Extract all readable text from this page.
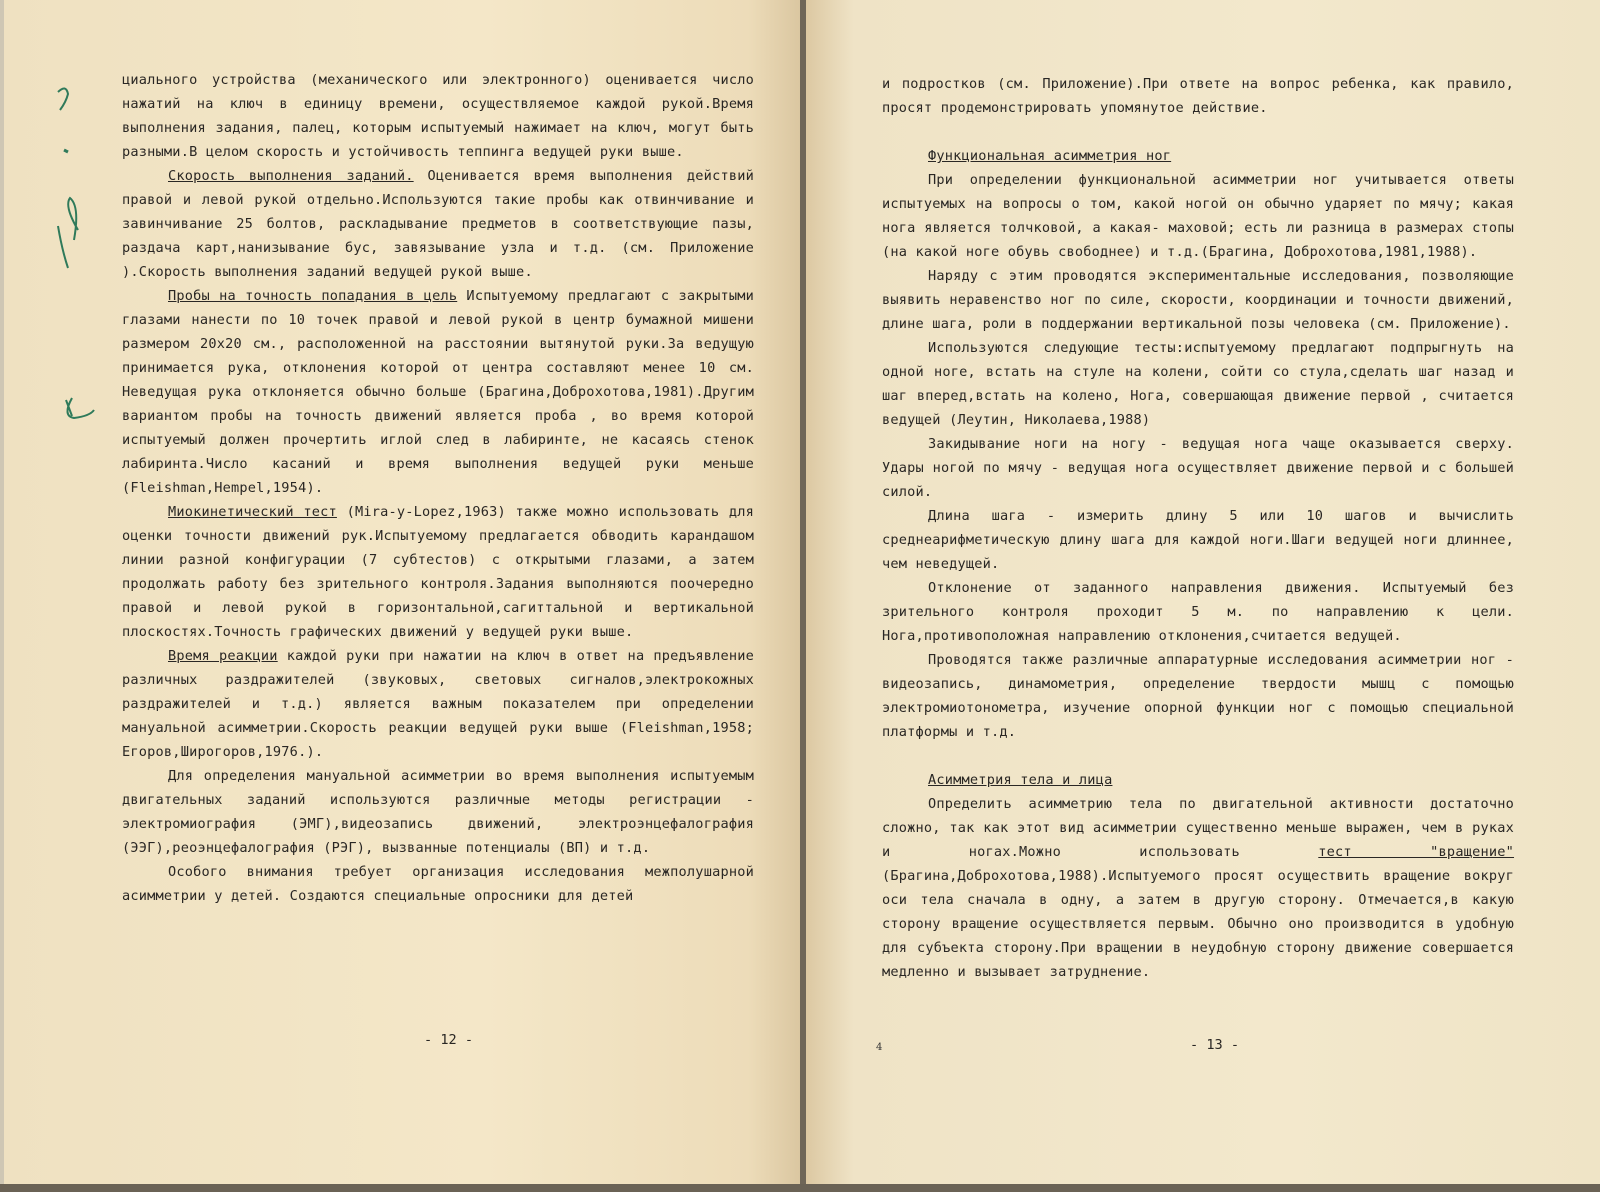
циального устройства (механического или электронного) оценивается число нажатий на ключ в единицу времени, осуществляемое каждой рукой.Время выполнения задания, палец, которым испытуемый нажимает на ключ, могут быть разными.В целом скорость и устойчивость теппинга ведущей руки выше.

Скорость выполнения заданий. Оценивается время выполнения действий правой и левой рукой отдельно.Используются такие пробы как отвинчивание и завинчивание 25 болтов, раскладывание предметов в соответствующие пазы, раздача карт,нанизывание бус, завязывание узла и т.д. (см. Приложение ).Скорость выполнения заданий ведущей рукой выше.

Пробы на точность попадания в цель Испытуемому предлагают с закрытыми глазами нанести по 10 точек правой и левой рукой в центр бумажной мишени размером 20х20 см., расположенной на расстоянии вытянутой руки.За ведущую принимается рука, отклонения которой от центра составляют менее 10 см. Неведущая рука отклоняется обычно больше (Брагина,Доброхотова,1981).Другим вариантом пробы на точность движений является проба , во время которой испытуемый должен прочертить иглой след в лабиринте, не касаясь стенок лабиринта.Число касаний и время выполнения ведущей руки меньше (Fleishman,Hempel,1954).

Миокинетический тест (Mira-y-Lopez,1963) также можно использовать для оценки точности движений рук.Испытуемому предлагается обводить карандашом линии разной конфигурации (7 субтестов) с открытыми глазами, а затем продолжать работу без зрительного контроля.Задания выполняются поочередно правой и левой рукой в горизонтальной,сагиттальной и вертикальной плоскостях.Точность графических движений у ведущей руки выше.

Время реакции каждой руки при нажатии на ключ в ответ на предъявление различных раздражителей (звуковых, световых сигналов,электрокожных раздражителей и т.д.) является важным показателем при определении мануальной асимметрии.Скорость реакции ведущей руки выше (Fleishman,1958; Егоров,Широгоров,1976.).

Для определения мануальной асимметрии во время выполнения испытуемым двигательных заданий используются различные методы регистрации - электромиография (ЭМГ),видеозапись движений, электроэнцефалография (ЭЭГ),реоэнцефалография (РЭГ), вызванные потенциалы (ВП) и т.д.

Особого внимания требует организация исследования межполушарной асимметрии у детей. Создаются специальные опросники для детей

- 12 -

и подростков (см. Приложение).При ответе на вопрос ребенка, как правило, просят продемонстрировать упомянутое действие.

Функциональная асимметрия ног

При определении функциональной асимметрии ног учитывается ответы испытуемых на вопросы о том, какой ногой он обычно ударяет по мячу; какая нога является толчковой, а какая- маховой; есть ли разница в размерах стопы (на какой ноге обувь свободнее) и т.д.(Брагина, Доброхотова,1981,1988).

Наряду с этим проводятся экспериментальные исследования, позволяющие выявить неравенство ног по силе, скорости, координации и точности движений, длине шага, роли в поддержании вертикальной позы человека (см. Приложение).

Используются следующие тесты:испытуемому предлагают подпрыгнуть на одной ноге, встать на стуле на колени, сойти со стула,сделать шаг назад и шаг вперед,встать на колено, Нога, совершающая движение первой , считается ведущей (Леутин, Николаева,1988)

Закидывание ноги на ногу - ведущая нога чаще оказывается сверху. Удары ногой по мячу - ведущая нога осуществляет движение первой и с большей силой.

Длина шага - измерить длину 5 или 10 шагов и вычислить среднеарифметическую длину шага для каждой ноги.Шаги ведущей ноги длиннее, чем неведущей.

Отклонение от заданного направления движения. Испытуемый без зрительного контроля проходит 5 м. по направлению к цели. Нога,противоположная направлению отклонения,считается ведущей.

Проводятся также различные аппаратурные исследования асимметрии ног - видеозапись, динамометрия, определение твердости мышц с помощью электромиотонометра, изучение опорной функции ног с помощью специальной платформы и т.д.

Асимметрия тела и лица

Определить асимметрию тела по двигательной активности достаточно сложно, так как этот вид асимметрии существенно меньше выражен, чем в руках и ногах.Можно использовать тест "вращение" (Брагина,Доброхотова,1988).Испытуемого просят осуществить вращение вокруг оси тела сначала в одну, а затем в другую сторону. Отмечается,в какую сторону вращение осуществляется первым. Обычно оно производится в удобную для субъекта сторону.При вращении в неудобную сторону движение совершается медленно и вызывает затруднение.

4	- 13 -
